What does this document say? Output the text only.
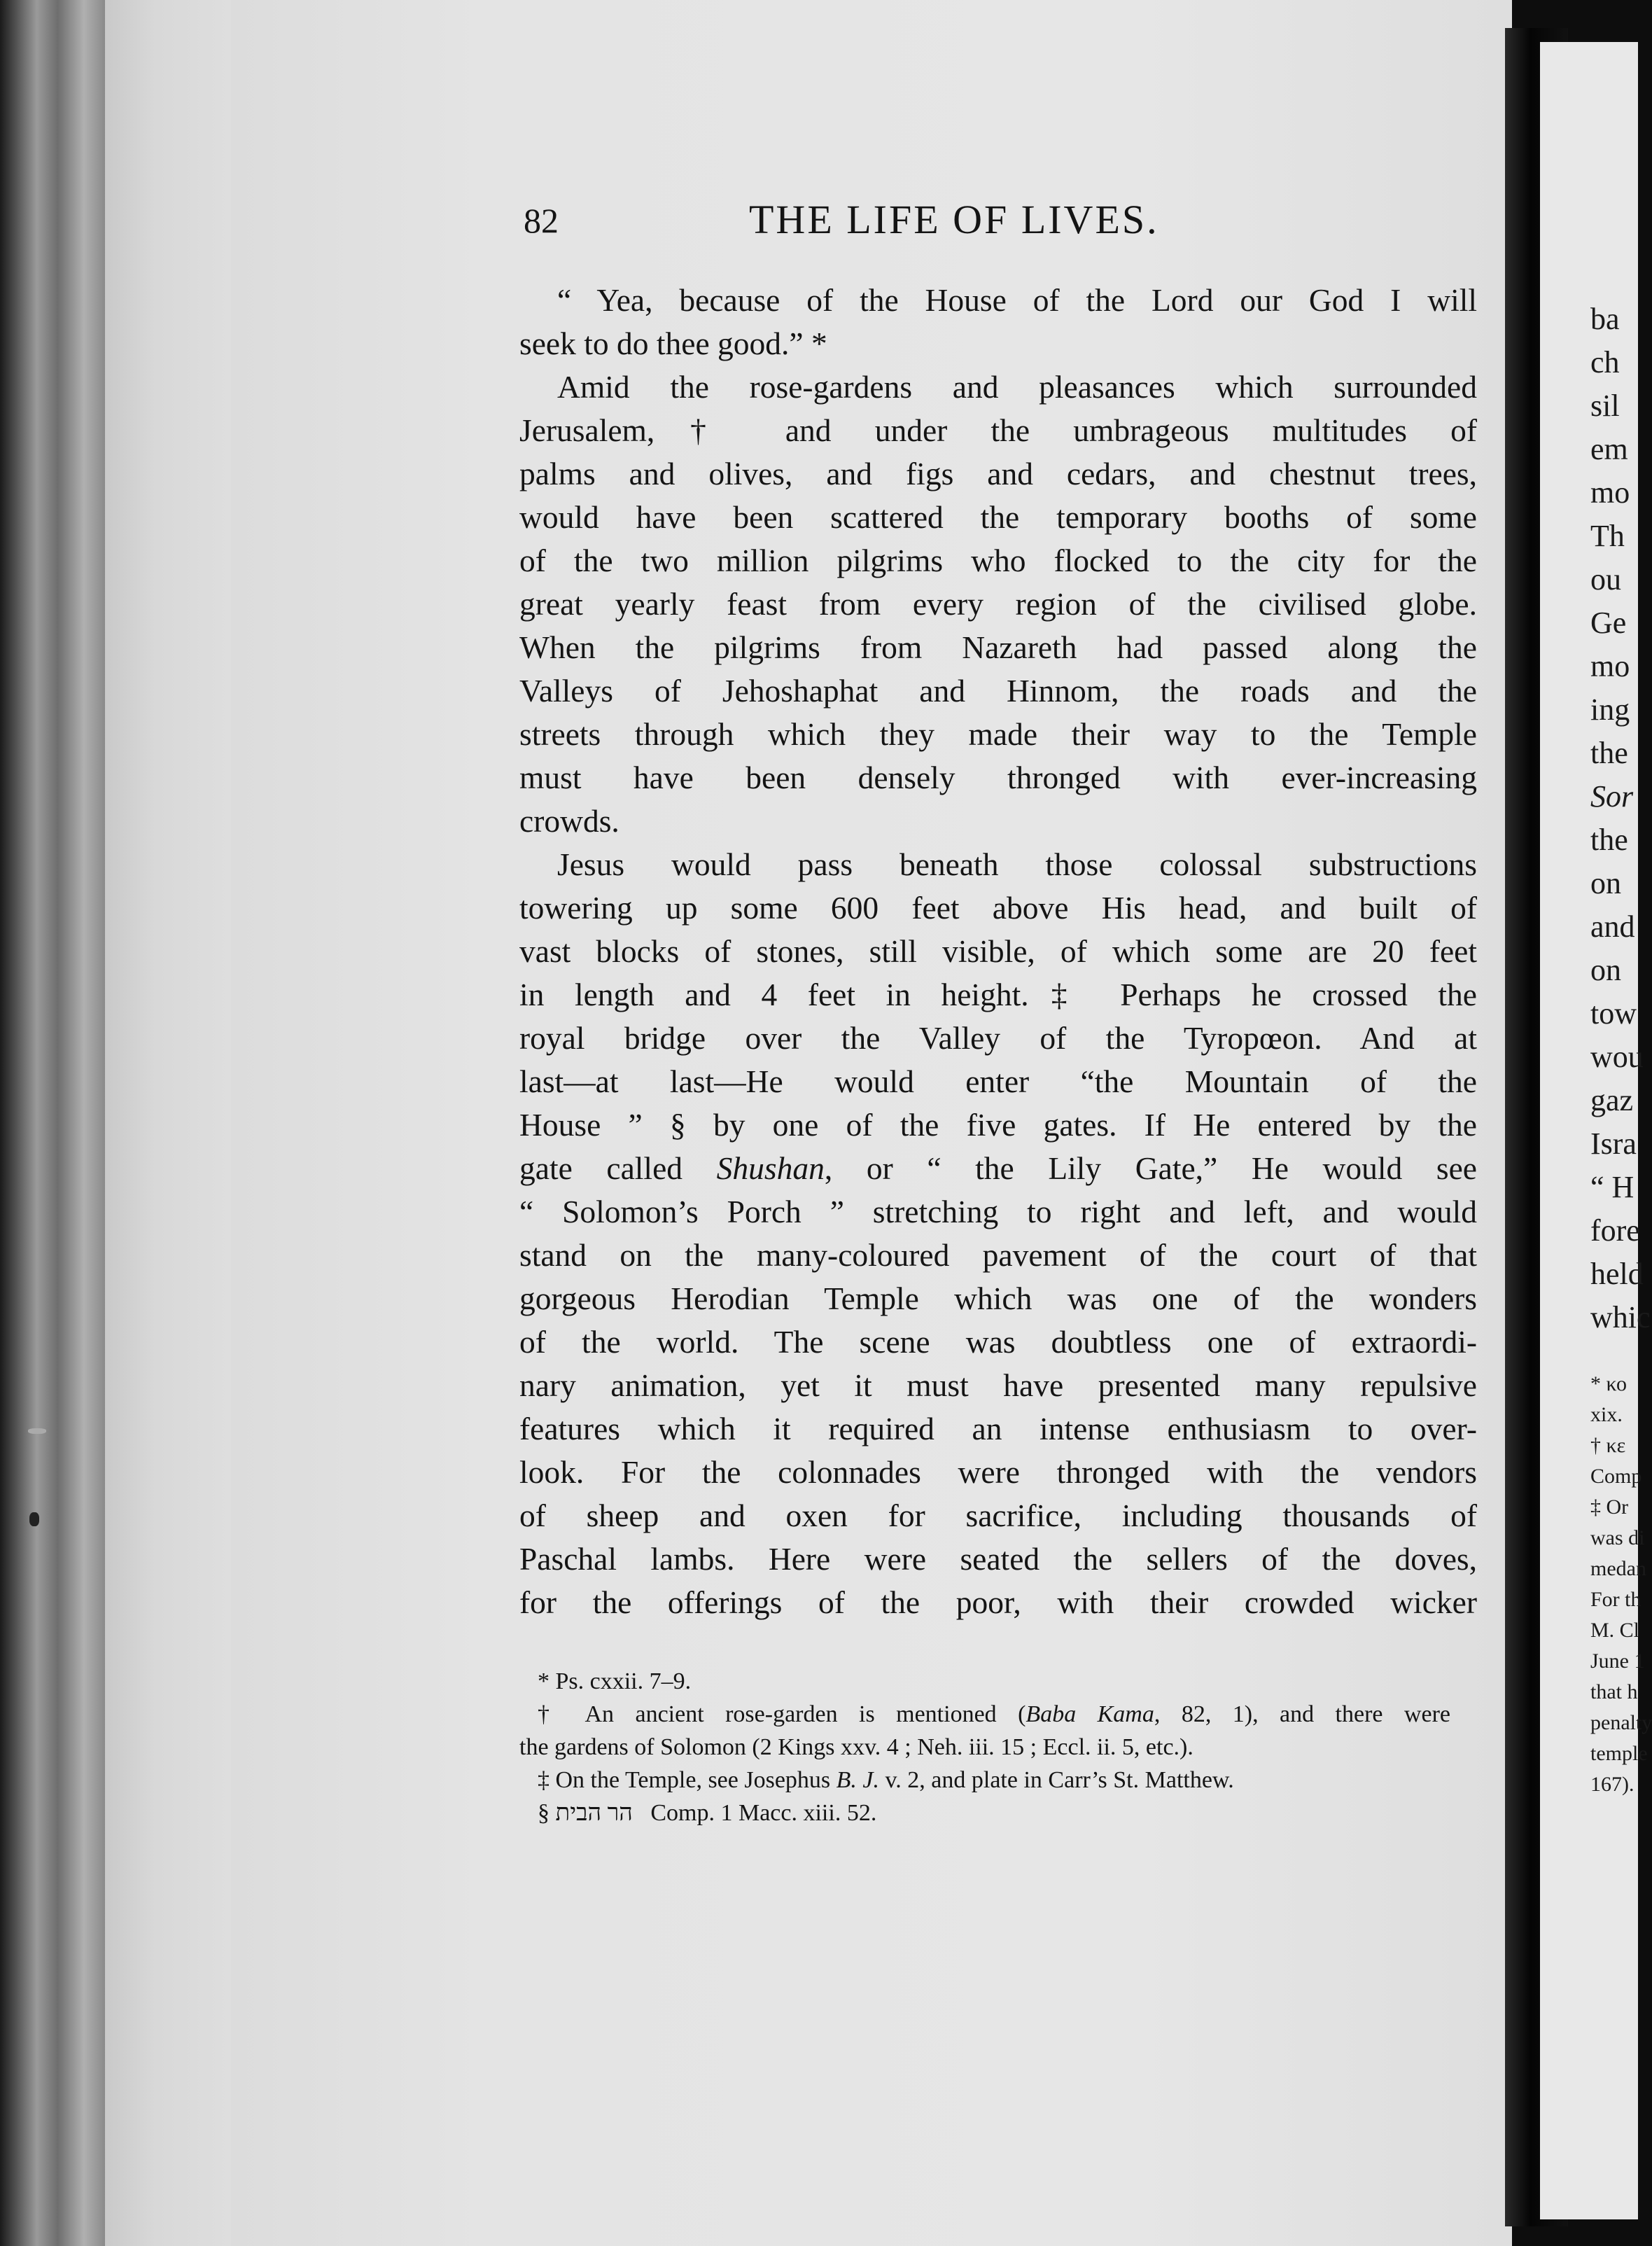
82	THE LIFE OF LIVES.
“ Yea, because of the House of the Lord our God I will
seek to do thee good.” *
Amid the rose-gardens and pleasances which surrounded
Jerusalem,† and under the umbrageous multitudes of
palms and olives, and figs and cedars, and chestnut trees,
would have been scattered the temporary booths of some
of the two million pilgrims who flocked to the city for the
great yearly feast from every region of the civilised globe.
When the pilgrims from Nazareth had passed along the
Valleys of Jehoshaphat and Hinnom, the roads and the
streets through which they made their way to the Temple
must have been densely thronged with ever-increasing
crowds.
Jesus would pass beneath those colossal substructions
towering up some 600 feet above His head, and built of
vast blocks of stones, still visible, of which some are 20 feet
in length and 4 feet in height.‡ Perhaps he crossed the
royal bridge over the Valley of the Tyropœon. And at
last—at last—He would enter “the Mountain of the
House ” § by one of the five gates. If He entered by the
gate called Shushan, or “ the Lily Gate,” He would see
“ Solomon’s Porch ” stretching to right and left, and would
stand on the many-coloured pavement of the court of that
gorgeous Herodian Temple which was one of the wonders
of the world. The scene was doubtless one of extraordi-
nary animation, yet it must have presented many repulsive
features which it required an intense enthusiasm to over-
look. For the colonnades were thronged with the vendors
of sheep and oxen for sacrifice, including thousands of
Paschal lambs. Here were seated the sellers of the doves,
for the offerings of the poor, with their crowded wicker
* Ps. cxxii. 7–9.
† An ancient rose-garden is mentioned (Baba Kama, 82, 1), and there were
the gardens of Solomon (2 Kings xxv. 4 ; Neh. iii. 15 ; Eccl. ii. 5, etc.).
‡ On the Temple, see Josephus B. J. v. 2, and plate in Carr’s St. Matthew.
§ הר הבית Comp. 1 Macc. xiii. 52.
ba
ch
sil
em
mo
Th
ou
Ge
mo
ing
the
Sor
the
on
and
on
tow
wou
gaz
Isra
“ H
fore
held
whic
* κο
xix.
† κε
Comp
‡ Or
was di
medan
For th
M. Cl
June 1
that h
penalty
temple
167).
